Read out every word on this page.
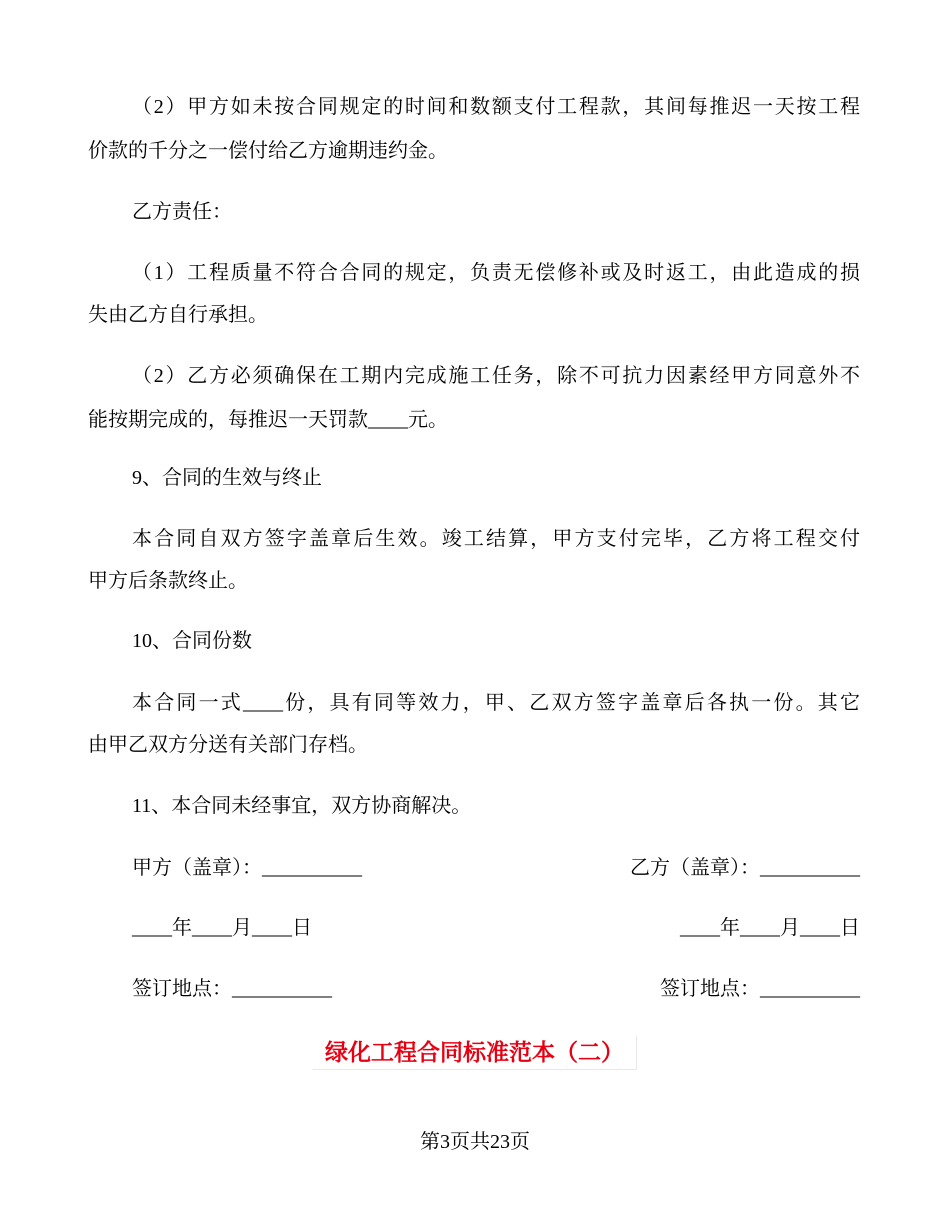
（2）甲方如未按合同规定的时间和数额支付工程款，其间每推迟一天按工程
价款的千分之一偿付给乙方逾期违约金。
乙方责任：
（1）工程质量不符合合同的规定，负责无偿修补或及时返工，由此造成的损
失由乙方自行承担。
（2）乙方必须确保在工期内完成施工任务，除不可抗力因素经甲方同意外不
能按期完成的，每推迟一天罚款____元。
9、合同的生效与终止
本合同自双方签字盖章后生效。竣工结算，甲方支付完毕，乙方将工程交付
甲方后条款终止。
10、合同份数
本合同一式____份，具有同等效力，甲、乙双方签字盖章后各执一份。其它
由甲乙双方分送有关部门存档。
11、本合同未经事宜，双方协商解决。
甲方（盖章）：__________	乙方（盖章）：__________
____年____月____日	____年____月____日
签订地点：__________	签订地点：__________
绿化工程合同标准范本（二）
第3页共23页
